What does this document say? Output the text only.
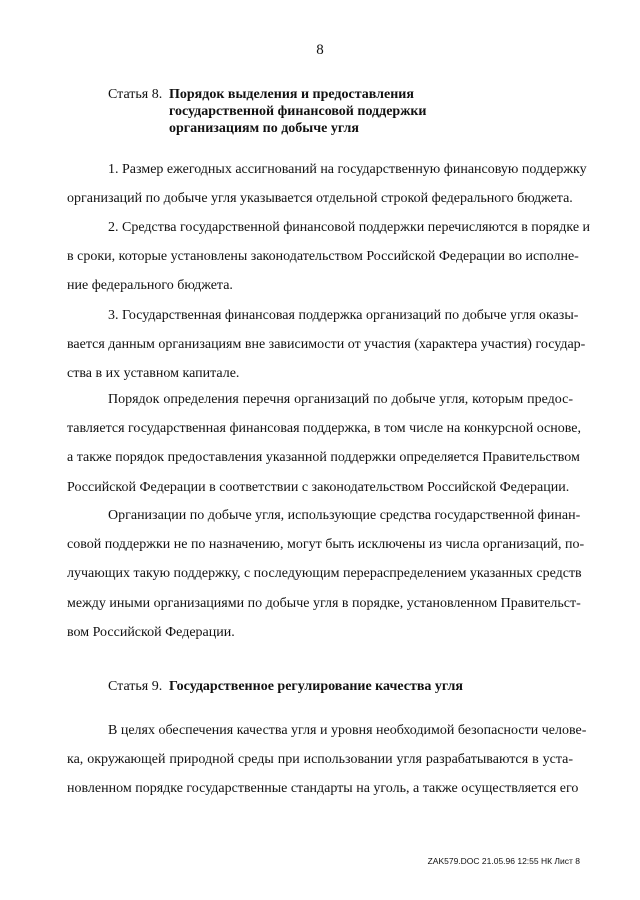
8
Статья 8. Порядок выделения и предоставления
государственной финансовой поддержки
организациям по добыче угля
1. Размер ежегодных ассигнований на государственную финансовую поддержку
организаций по добыче угля указывается отдельной строкой федерального бюджета.
2. Средства государственной финансовой поддержки перечисляются в порядке и
в сроки, которые установлены законодательством Российской Федерации во исполне-
ние федерального бюджета.
3. Государственная финансовая поддержка организаций по добыче угля оказы-
вается данным организациям вне зависимости от участия (характера участия) государ-
ства в их уставном капитале.
Порядок определения перечня организаций по добыче угля, которым предос-
тавляется государственная финансовая поддержка, в том числе на конкурсной основе,
а также порядок предоставления указанной поддержки определяется Правительством
Российской Федерации в соответствии с законодательством Российской Федерации.
Организации по добыче угля, использующие средства государственной финан-
совой поддержки не по назначению, могут быть исключены из числа организаций, по-
лучающих такую поддержку, с последующим перераспределением указанных средств
между иными организациями по добыче угля в порядке, установленном Правительст-
вом Российской Федерации.
Статья 9. Государственное регулирование качества угля
В целях обеспечения качества угля и уровня необходимой безопасности челове-
ка, окружающей природной среды при использовании угля разрабатываются в уста-
новленном порядке государственные стандарты на уголь, а также осуществляется его
ZAK579.DOC 21.05.96 12:55 НК Лист 8
